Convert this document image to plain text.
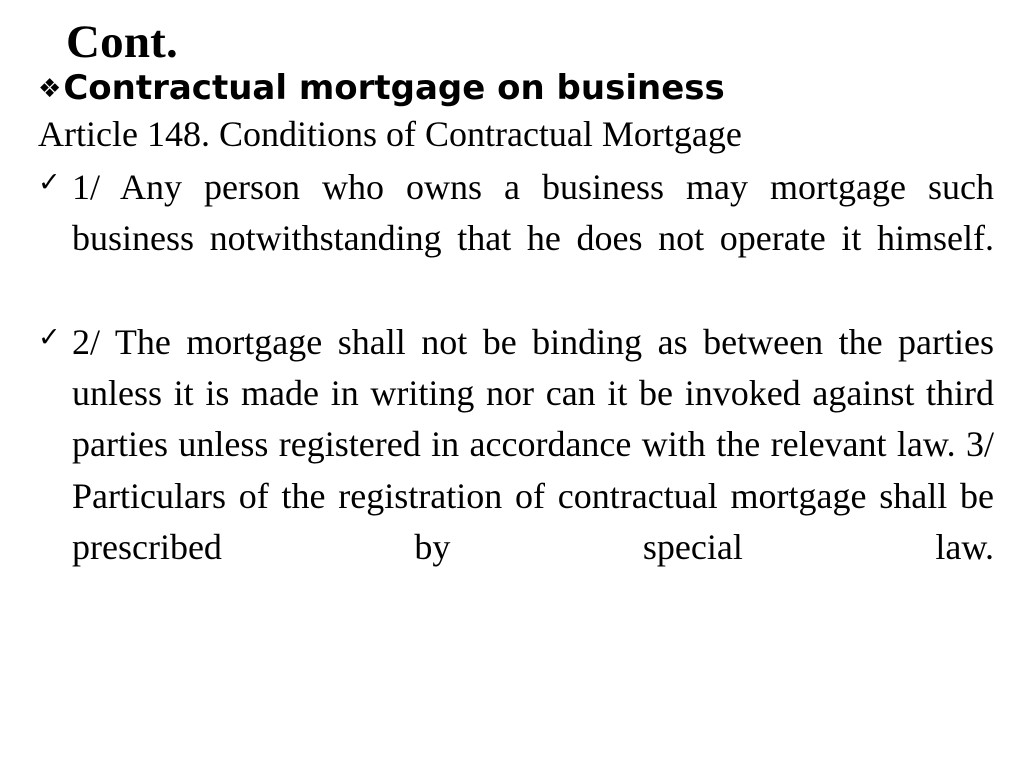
Cont.
❖ Contractual mortgage on business
Article 148. Conditions of Contractual Mortgage
✓ 1/ Any person who owns a business may mortgage such business notwithstanding that he does not operate it himself.
✓ 2/ The mortgage shall not be binding as between the parties unless it is made in writing nor can it be invoked against third parties unless registered in accordance with the relevant law. 3/ Particulars of the registration of contractual mortgage shall be prescribed by special law.
